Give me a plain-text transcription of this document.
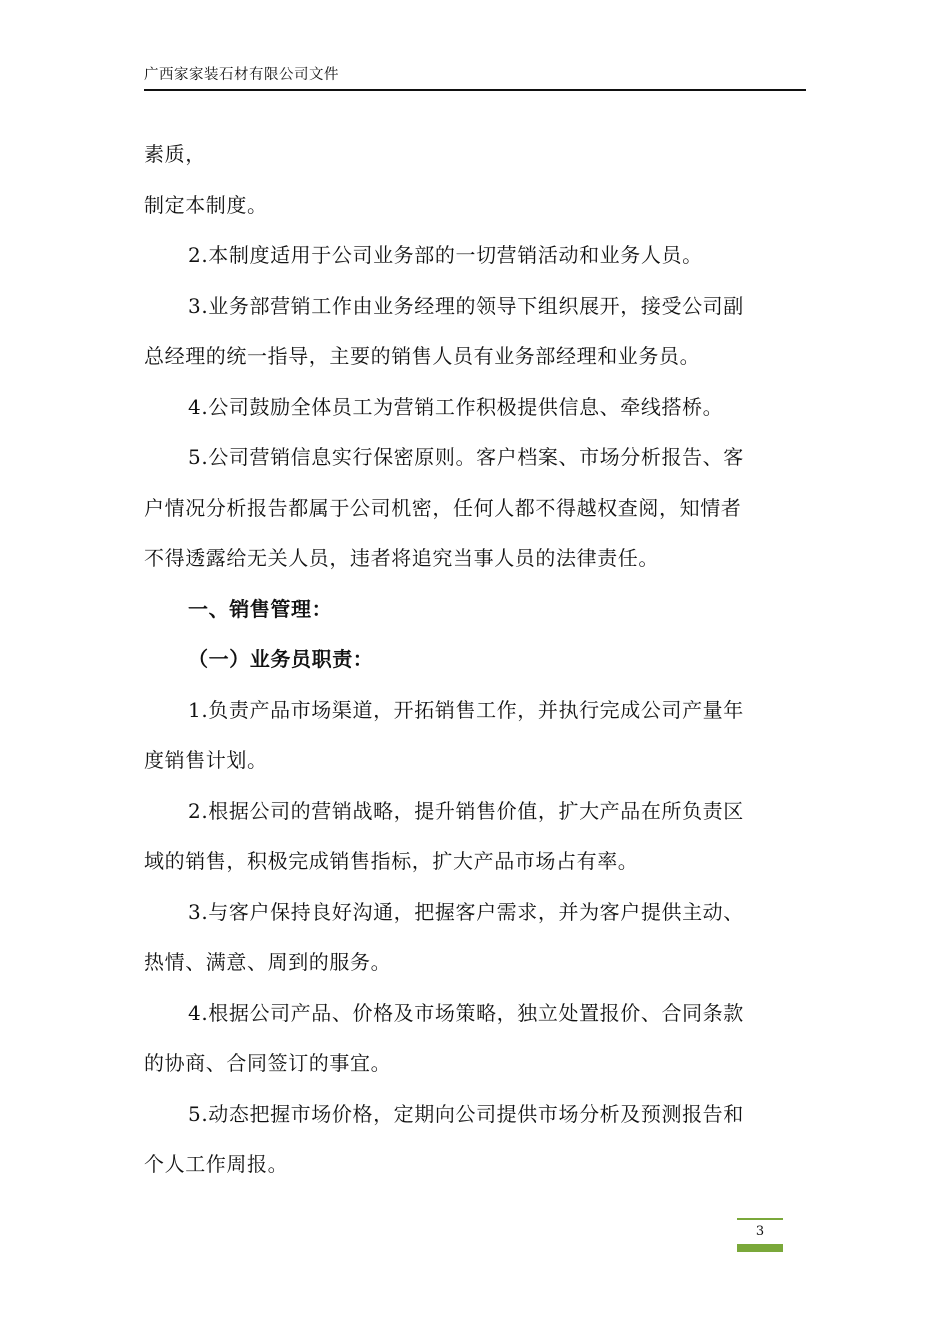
广西家家装石材有限公司文件
素质，
制定本制度。
2.本制度适用于公司业务部的一切营销活动和业务人员。
3.业务部营销工作由业务经理的领导下组织展开，接受公司副
总经理的统一指导，主要的销售人员有业务部经理和业务员。
4.公司鼓励全体员工为营销工作积极提供信息、牵线搭桥。
5.公司营销信息实行保密原则。客户档案、市场分析报告、客
户情况分析报告都属于公司机密，任何人都不得越权查阅，知情者
不得透露给无关人员，违者将追究当事人员的法律责任。
一、销售管理：
（一）业务员职责：
1.负责产品市场渠道，开拓销售工作，并执行完成公司产量年
度销售计划。
2.根据公司的营销战略，提升销售价值，扩大产品在所负责区
域的销售，积极完成销售指标，扩大产品市场占有率。
3.与客户保持良好沟通，把握客户需求，并为客户提供主动、
热情、满意、周到的服务。
4.根据公司产品、价格及市场策略，独立处置报价、合同条款
的协商、合同签订的事宜。
5.动态把握市场价格，定期向公司提供市场分析及预测报告和
个人工作周报。
3
